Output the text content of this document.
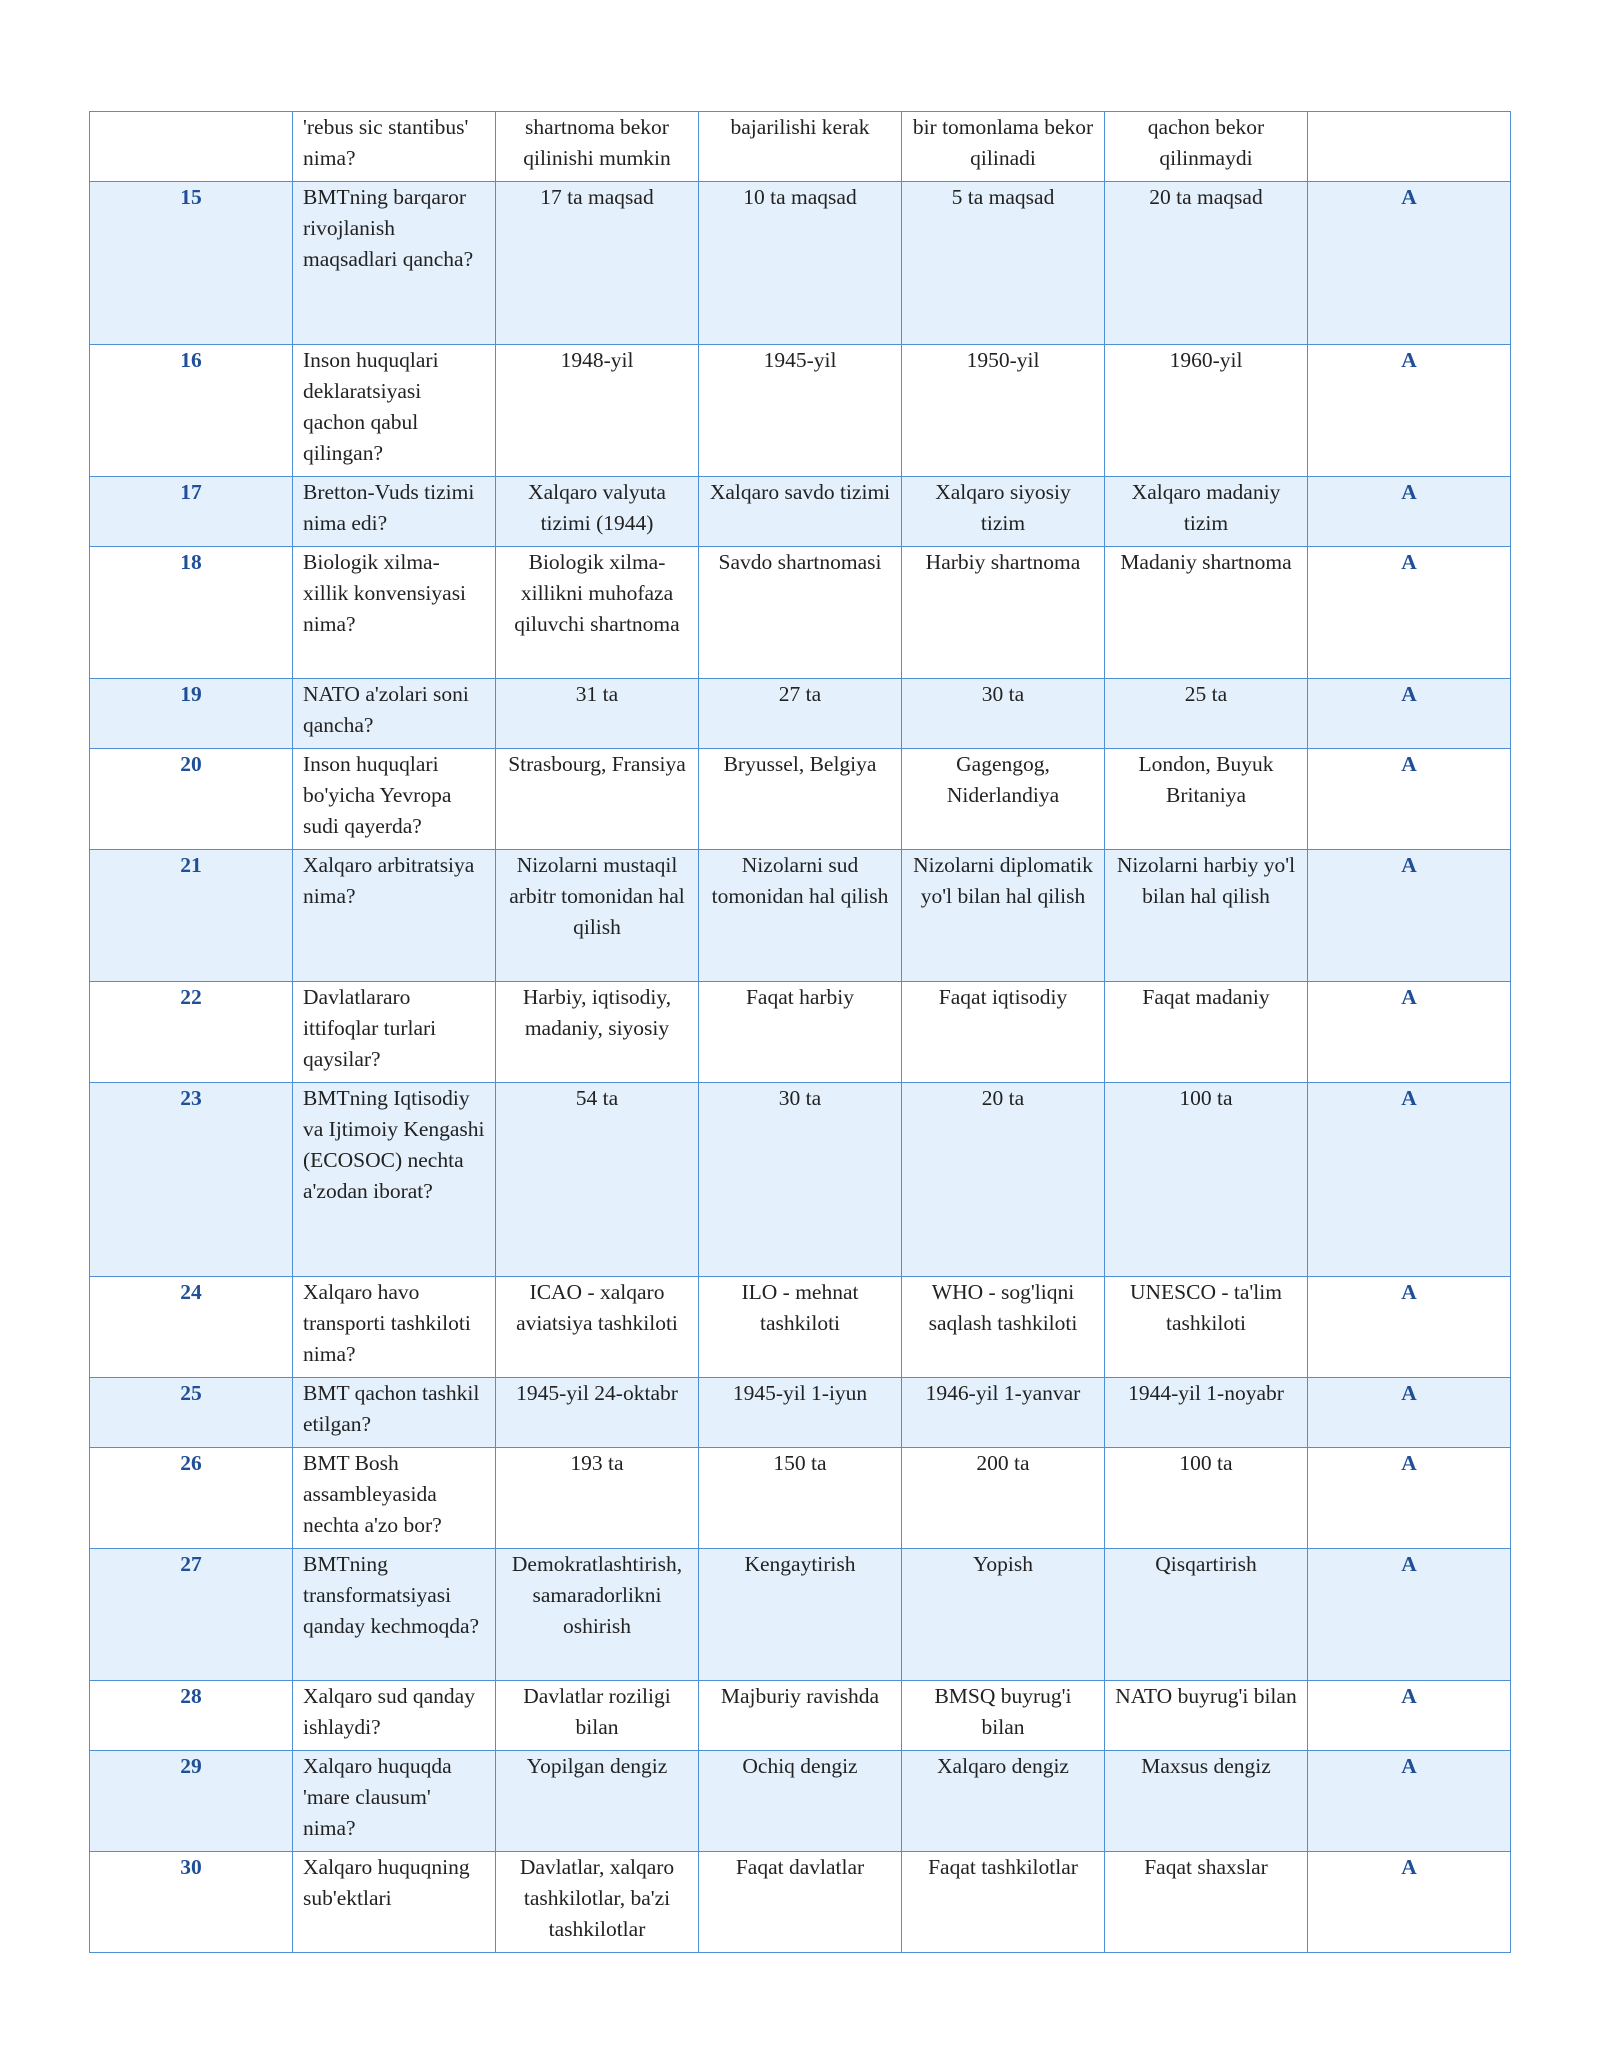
	'rebus sic stantibus' nima?	shartnoma bekor qilinishi mumkin	bajarilishi kerak	bir tomonlama bekor qilinadi	qachon bekor qilinmaydi	
15	BMTning barqaror rivojlanish maqsadlari qancha?	17 ta maqsad	10 ta maqsad	5 ta maqsad	20 ta maqsad	A
16	Inson huquqlari deklaratsiyasi qachon qabul qilingan?	1948-yil	1945-yil	1950-yil	1960-yil	A
17	Bretton-Vuds tizimi nima edi?	Xalqaro valyuta tizimi (1944)	Xalqaro savdo tizimi	Xalqaro siyosiy tizim	Xalqaro madaniy tizim	A
18	Biologik xilma-xillik konvensiyasi nima?	Biologik xilma-xillikni muhofaza qiluvchi shartnoma	Savdo shartnomasi	Harbiy shartnoma	Madaniy shartnoma	A
19	NATO a'zolari soni qancha?	31 ta	27 ta	30 ta	25 ta	A
20	Inson huquqlari bo'yicha Yevropa sudi qayerda?	Strasbourg, Fransiya	Bryussel, Belgiya	Gagengog, Niderlandiya	London, Buyuk Britaniya	A
21	Xalqaro arbitratsiya nima?	Nizolarni mustaqil arbitr tomonidan hal qilish	Nizolarni sud tomonidan hal qilish	Nizolarni diplomatik yo'l bilan hal qilish	Nizolarni harbiy yo'l bilan hal qilish	A
22	Davlatlararo ittifoqlar turlari qaysilar?	Harbiy, iqtisodiy, madaniy, siyosiy	Faqat harbiy	Faqat iqtisodiy	Faqat madaniy	A
23	BMTning Iqtisodiy va Ijtimoiy Kengashi (ECOSOC) nechta a'zodan iborat?	54 ta	30 ta	20 ta	100 ta	A
24	Xalqaro havo transporti tashkiloti nima?	ICAO - xalqaro aviatsiya tashkiloti	ILO - mehnat tashkiloti	WHO - sog'liqni saqlash tashkiloti	UNESCO - ta'lim tashkiloti	A
25	BMT qachon tashkil etilgan?	1945-yil 24-oktabr	1945-yil 1-iyun	1946-yil 1-yanvar	1944-yil 1-noyabr	A
26	BMT Bosh assambleyasida nechta a'zo bor?	193 ta	150 ta	200 ta	100 ta	A
27	BMTning transformatsiyasi qanday kechmoqda?	Demokratlashtirish, samaradorlikni oshirish	Kengaytirish	Yopish	Qisqartirish	A
28	Xalqaro sud qanday ishlaydi?	Davlatlar roziligi bilan	Majburiy ravishda	BMSQ buyrug'i bilan	NATO buyrug'i bilan	A
29	Xalqaro huquqda 'mare clausum' nima?	Yopilgan dengiz	Ochiq dengiz	Xalqaro dengiz	Maxsus dengiz	A
30	Xalqaro huquqning sub'ektlari	Davlatlar, xalqaro tashkilotlar, ba'zi tashkilotlar	Faqat davlatlar	Faqat tashkilotlar	Faqat shaxslar	A
